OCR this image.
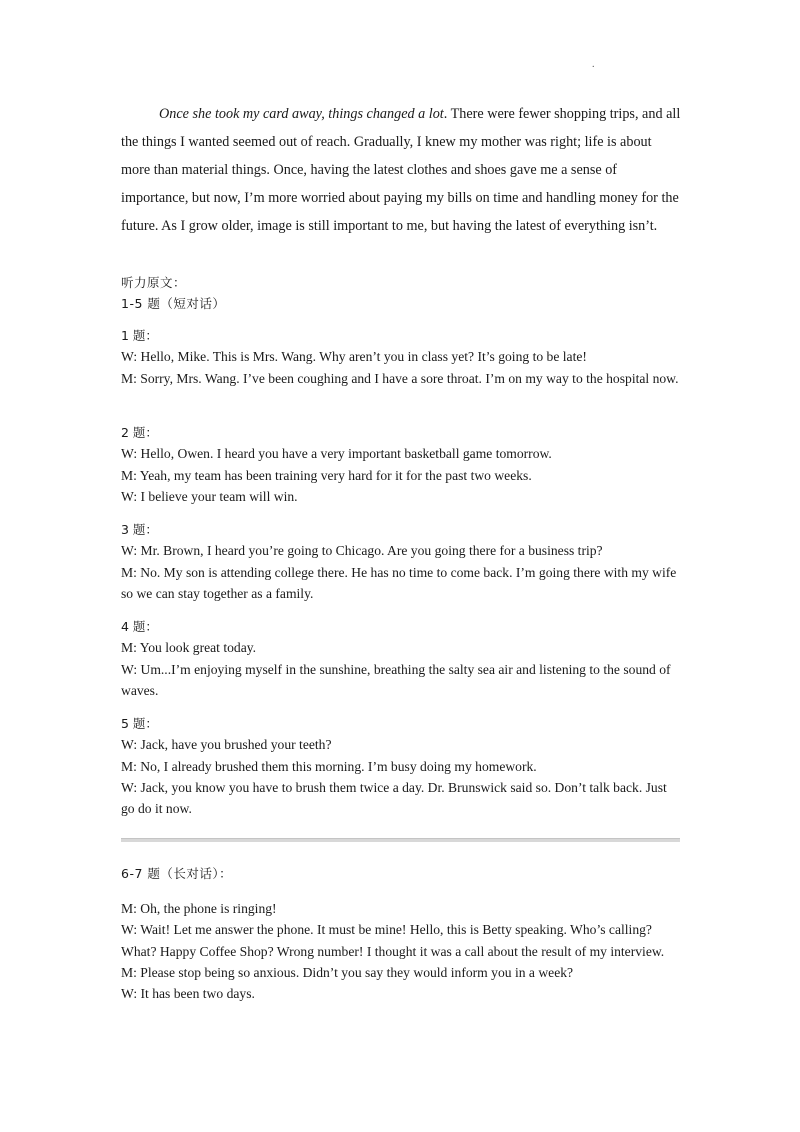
.

Once she took my card away, things changed a lot. There were fewer shopping trips, and all the things I wanted seemed out of reach. Gradually, I knew my mother was right; life is about more than material things. Once, having the latest clothes and shoes gave me a sense of importance, but now, I’m more worried about paying my bills on time and handling money for the future. As I grow older, image is still important to me, but having the latest of everything isn’t.

听力原文：
1-5 题（短对话）
1 题：
W: Hello, Mike. This is Mrs. Wang. Why aren’t you in class yet? It’s going to be late!
M: Sorry, Mrs. Wang. I’ve been coughing and I have a sore throat. I’m on my way to the hospital now.
2 题：
W: Hello, Owen. I heard you have a very important basketball game tomorrow.
M: Yeah, my team has been training very hard for it for the past two weeks.
W: I believe your team will win.
3 题：
W: Mr. Brown, I heard you’re going to Chicago. Are you going there for a business trip?
M: No. My son is attending college there. He has no time to come back. I’m going there with my wife so we can stay together as a family.
4 题：
M: You look great today.
W: Um...I’m enjoying myself in the sunshine, breathing the salty sea air and listening to the sound of waves.
5 题：
W: Jack, have you brushed your teeth?
M: No, I already brushed them this morning. I’m busy doing my homework.
W: Jack, you know you have to brush them twice a day. Dr. Brunswick said so. Don’t talk back. Just go do it now.
6-7 题（长对话）：
M: Oh, the phone is ringing!
W: Wait! Let me answer the phone. It must be mine! Hello, this is Betty speaking. Who’s calling? What? Happy Coffee Shop? Wrong number! I thought it was a call about the result of my interview.
M: Please stop being so anxious. Didn’t you say they would inform you in a week?
W: It has been two days.
